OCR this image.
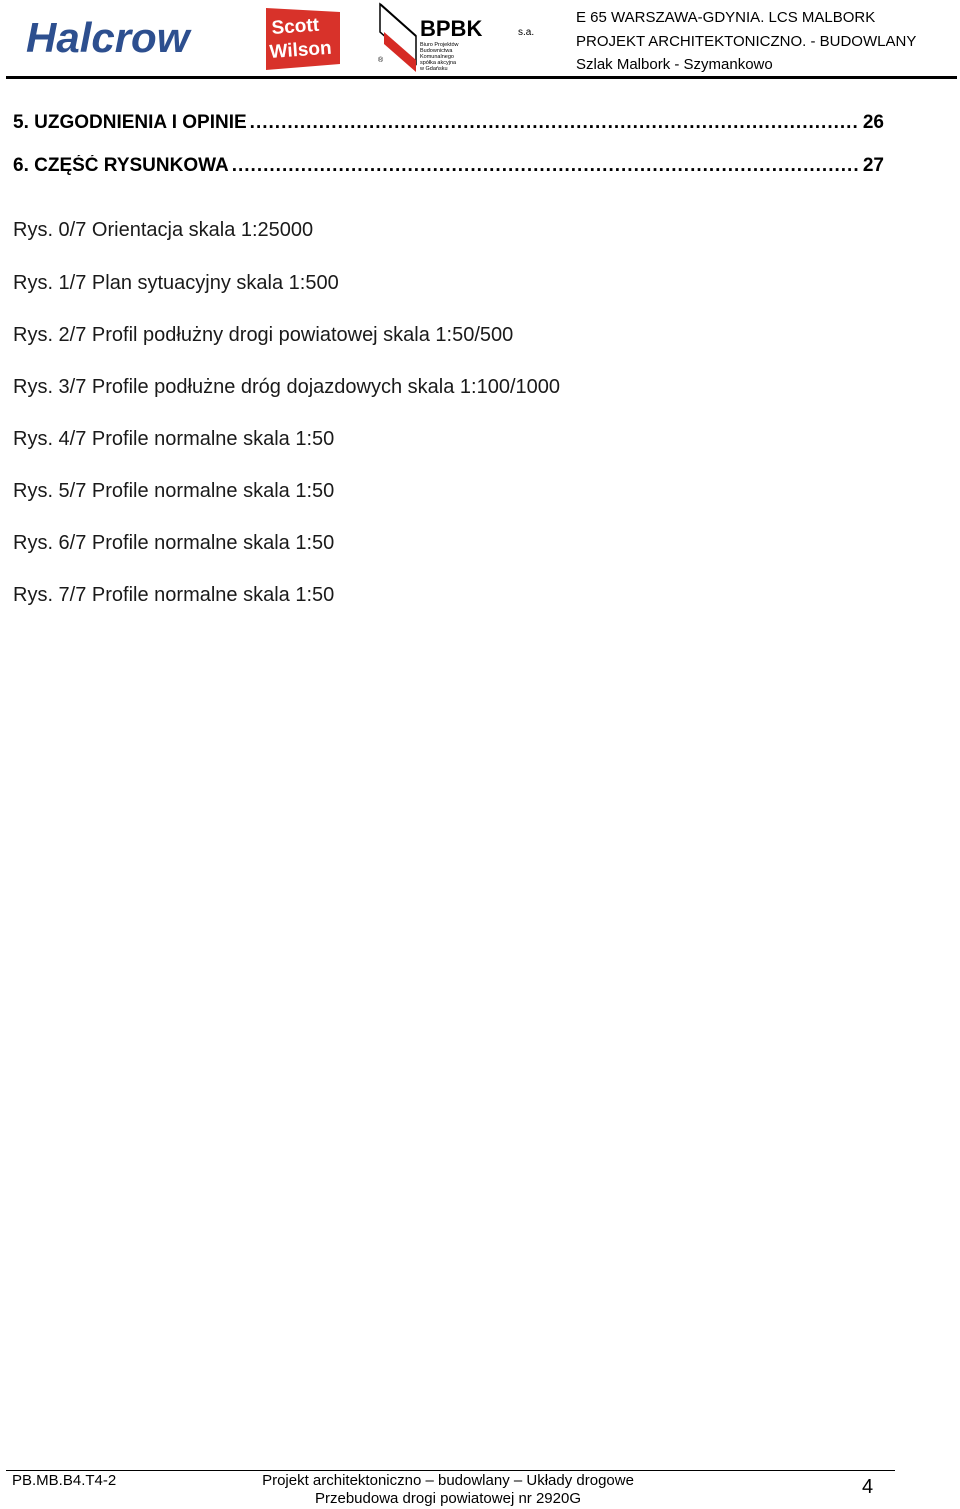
Halcrow	Scott
Wilson	®
BPBK	s.a.
Biuro Projektów
Budownictwa
Komunalnego
spółka akcyjna
w Gdańsku
E 65 WARSZAWA-GDYNIA. LCS MALBORK
PROJEKT ARCHITEKTONICZNO. - BUDOWLANY
Szlak Malbork - Szymankowo
5. UZGODNIENIA I OPINIE .....	26
6. CZĘŚĆ RYSUNKOWA .....	27
Rys. 0/7 Orientacja skala 1:25000
Rys. 1/7 Plan sytuacyjny skala 1:500
Rys. 2/7 Profil podłużny drogi powiatowej skala 1:50/500
Rys. 3/7 Profile podłużne dróg dojazdowych skala 1:100/1000
Rys. 4/7 Profile normalne skala 1:50
Rys. 5/7 Profile normalne skala 1:50
Rys. 6/7 Profile normalne skala 1:50
Rys. 7/7 Profile normalne skala 1:50
PB.MB.B4.T4-2	Projekt architektoniczno – budowlany – Układy drogowe
Przebudowa drogi powiatowej nr 2920G
4
